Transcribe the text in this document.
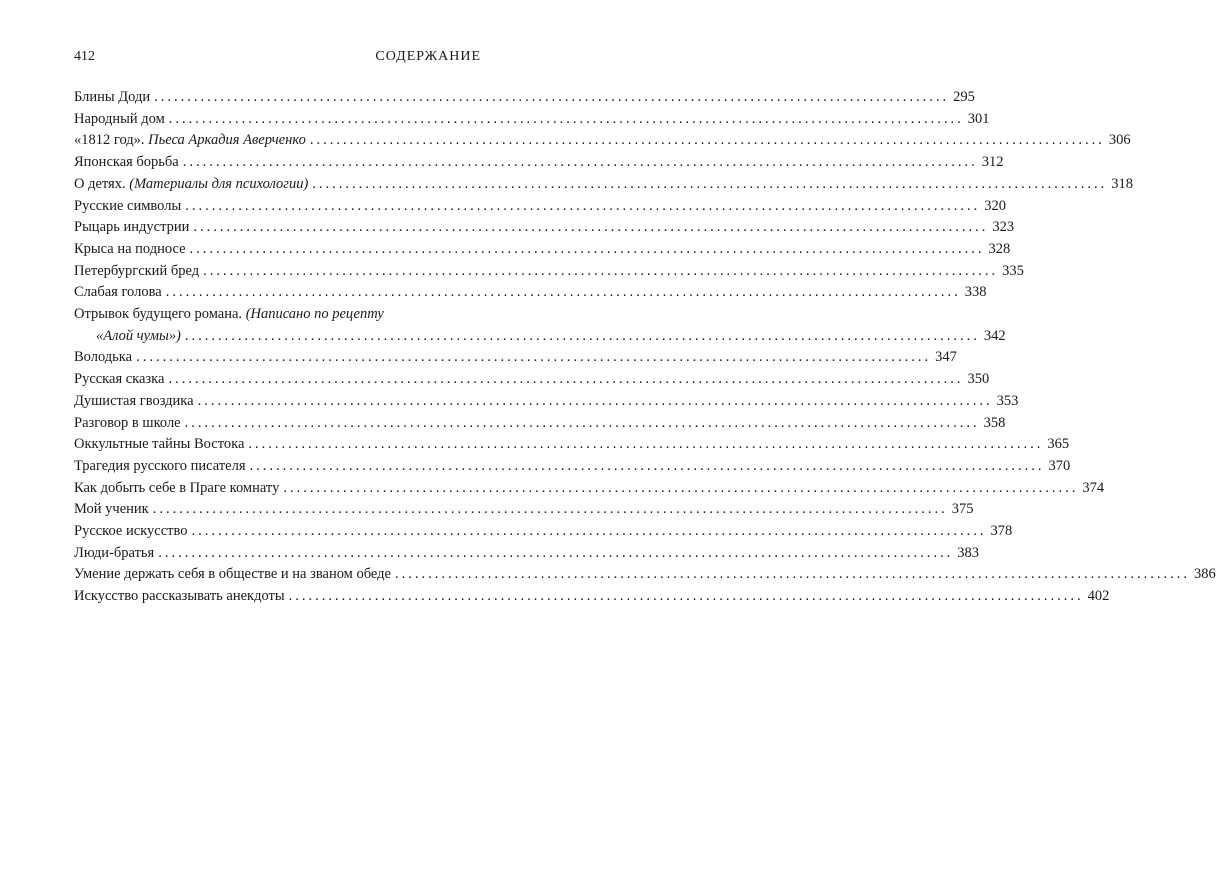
412	СОДЕРЖАНИЕ
Блины Доди ........................................................................................................................ 295
Народный дом ........................................................................................................................ 301
«1812 год». Пьеса Аркадия Аверченко ........................................................................................................................ 306
Японская борьба ........................................................................................................................ 312
О детях. (Материалы для психологии) ........................................................................................................................ 318
Русские символы ........................................................................................................................ 320
Рыцарь индустрии ........................................................................................................................ 323
Крыса на подносе ........................................................................................................................ 328
Петербургский бред ........................................................................................................................ 335
Слабая голова ........................................................................................................................ 338
Отрывок будущего романа. (Написано по рецепту
«Алой чумы») ........................................................................................................................ 342
Володька ........................................................................................................................ 347
Русская сказка ........................................................................................................................ 350
Душистая гвоздика ........................................................................................................................ 353
Разговор в школе ........................................................................................................................ 358
Оккультные тайны Востока ........................................................................................................................ 365
Трагедия русского писателя ........................................................................................................................ 370
Как добыть себе в Праге комнату ........................................................................................................................ 374
Мой ученик ........................................................................................................................ 375
Русское искусство ........................................................................................................................ 378
Люди-братья ........................................................................................................................ 383
Умение держать себя в обществе и на званом обеде ........................................................................................................................ 386
Искусство рассказывать анекдоты ........................................................................................................................ 402
